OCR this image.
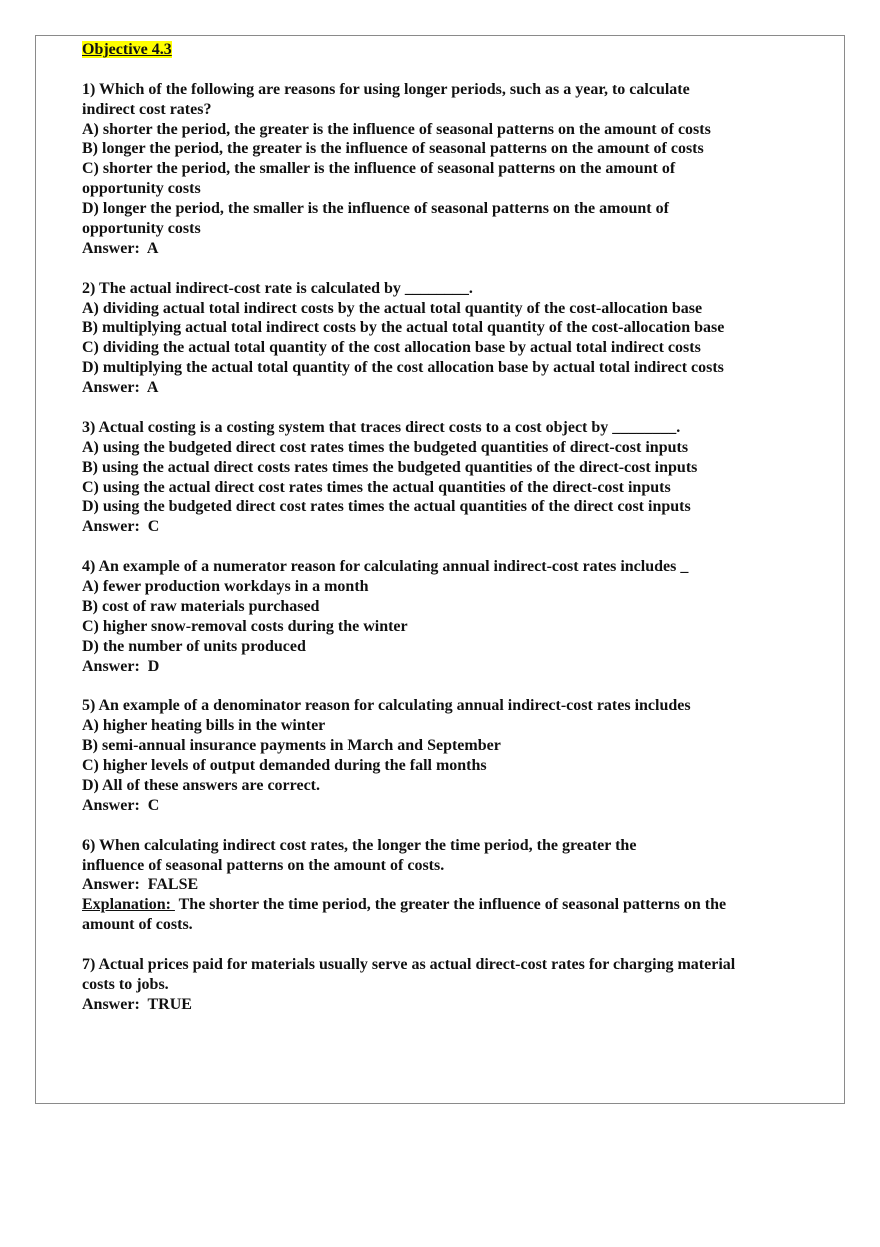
Objective 4.3
1) Which of the following are reasons for using longer periods, such as a year, to calculate
indirect cost rates?
A) shorter the period, the greater is the influence of seasonal patterns on the amount of costs
B) longer the period, the greater is the influence of seasonal patterns on the amount of costs
C) shorter the period, the smaller is the influence of seasonal patterns on the amount of
opportunity costs
D) longer the period, the smaller is the influence of seasonal patterns on the amount of
opportunity costs
Answer:  A
2) The actual indirect-cost rate is calculated by ________.
A) dividing actual total indirect costs by the actual total quantity of the cost-allocation base
B) multiplying actual total indirect costs by the actual total quantity of the cost-allocation base
C) dividing the actual total quantity of the cost allocation base by actual total indirect costs
D) multiplying the actual total quantity of the cost allocation base by actual total indirect costs
Answer:  A
3) Actual costing is a costing system that traces direct costs to a cost object by ________.
A) using the budgeted direct cost rates times the budgeted quantities of direct-cost inputs
B) using the actual direct costs rates times the budgeted quantities of the direct-cost inputs
C) using the actual direct cost rates times the actual quantities of the direct-cost inputs
D) using the budgeted direct cost rates times the actual quantities of the direct cost inputs
Answer:  C
4) An example of a numerator reason for calculating annual indirect-cost rates includes _
A) fewer production workdays in a month
B) cost of raw materials purchased
C) higher snow-removal costs during the winter
D) the number of units produced
Answer:  D
5) An example of a denominator reason for calculating annual indirect-cost rates includes
A) higher heating bills in the winter
B) semi-annual insurance payments in March and September
C) higher levels of output demanded during the fall months
D) All of these answers are correct.
Answer:  C
6) When calculating indirect cost rates, the longer the time period, the greater the
influence of seasonal patterns on the amount of costs.
Answer:  FALSE
Explanation:  The shorter the time period, the greater the influence of seasonal patterns on the
amount of costs.
7) Actual prices paid for materials usually serve as actual direct-cost rates for charging material
costs to jobs.
Answer:  TRUE
